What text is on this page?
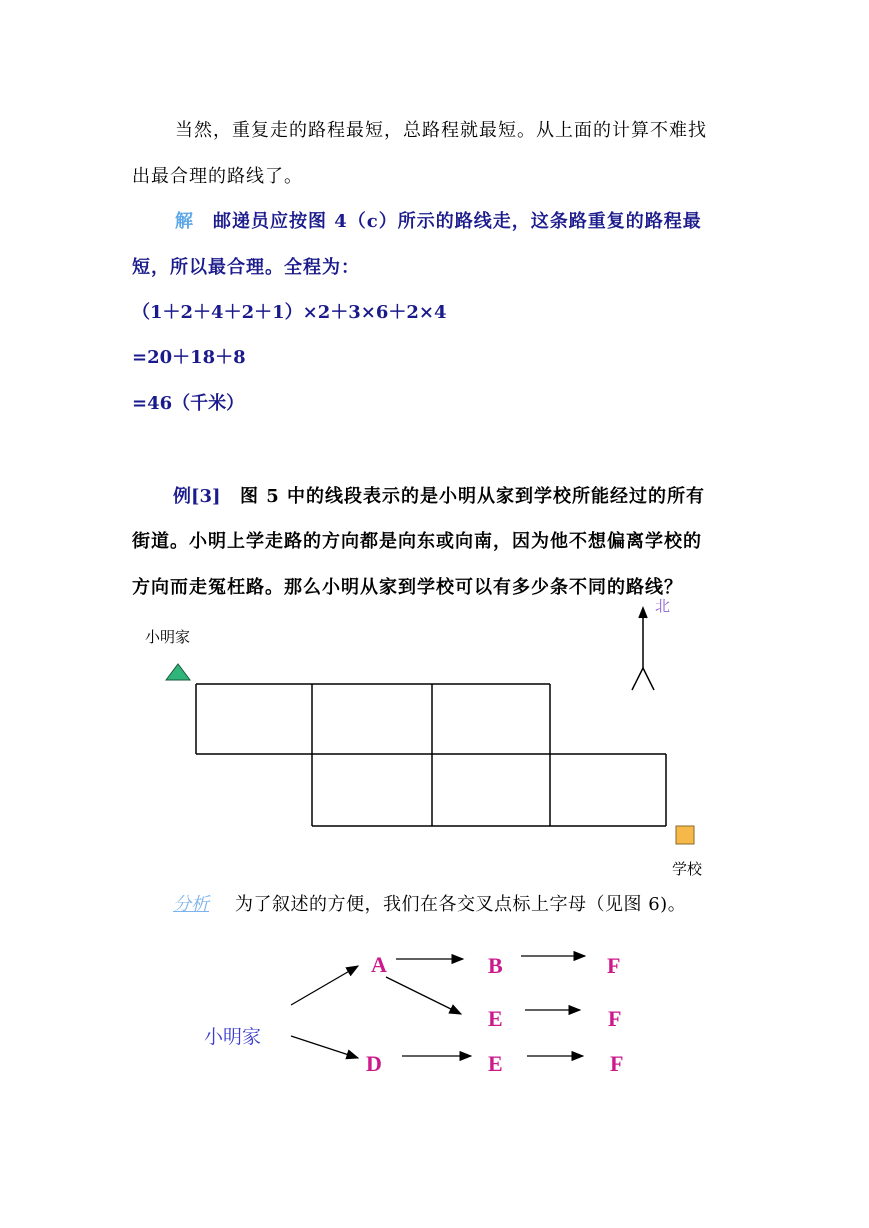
当然，重复走的路程最短，总路程就最短。从上面的计算不难找
出最合理的路线了。
解 邮递员应按图 4（c）所示的路线走，这条路重复的路程最
短，所以最合理。全程为：
（1＋2＋4＋2＋1）×2＋3×6＋2×4
=20＋18＋8
=46（千米）
例[3] 图 5 中的线段表示的是小明从家到学校所能经过的所有
街道。小明上学走路的方向都是向东或向南，因为他不想偏离学校的
方向而走冤枉路。那么小明从家到学校可以有多少条不同的路线？
小明家
北
学校
分析 为了叙述的方便，我们在各交叉点标上字母（见图 6)。
小明家
A	B	F
E	F
D	E	F
